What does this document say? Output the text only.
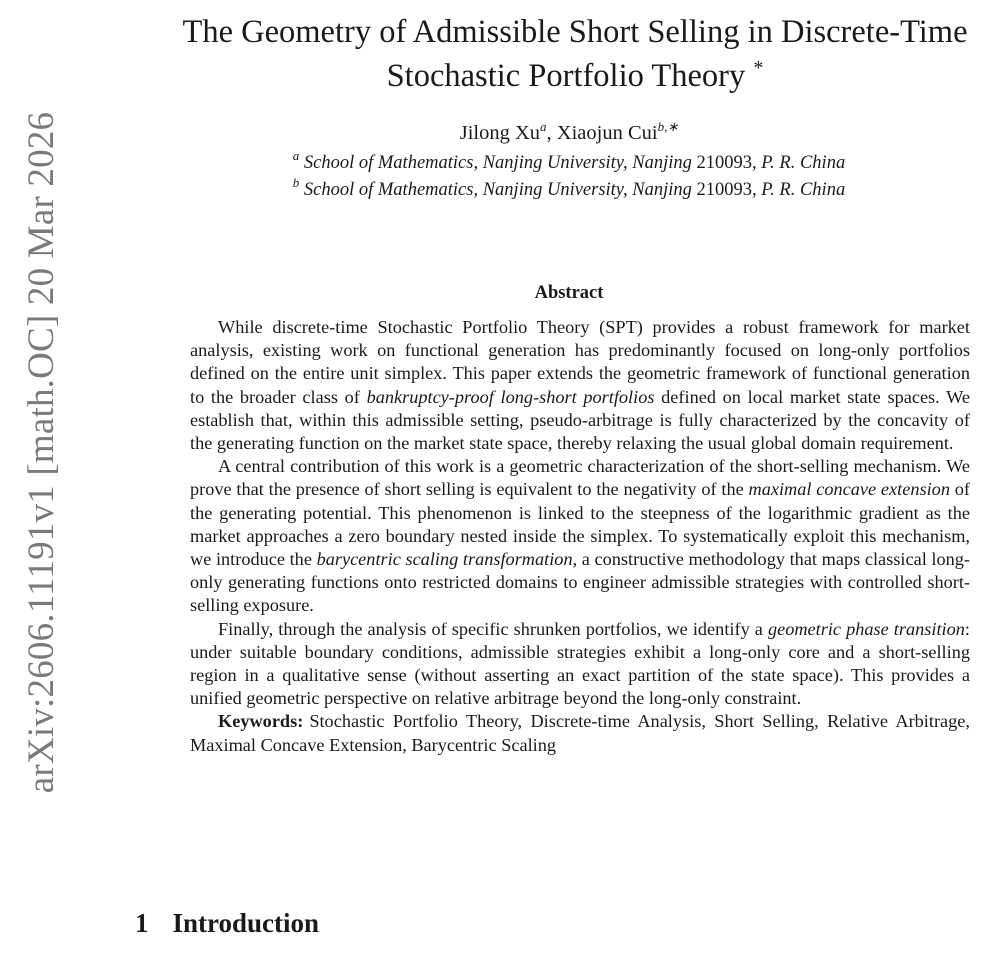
arXiv:2606.11191v1 [math.OC] 20 Mar 2026
The Geometry of Admissible Short Selling in Discrete-Time
Stochastic Portfolio Theory *
Jilong Xu$^a$, Xiaojun Cui$^{b,∗}$
$^a$ School of Mathematics, Nanjing University, Nanjing 210093, P. R. China
$^b$ School of Mathematics, Nanjing University, Nanjing 210093, P. R. China
Abstract

While discrete-time Stochastic Portfolio Theory (SPT) provides a robust framework for market analysis, existing work on functional generation has predominantly focused on long-only portfolios defined on the entire unit simplex. This paper extends the geometric framework of functional generation to the broader class of bankruptcy-proof long-short portfolios defined on local market state spaces. We establish that, within this admissible setting, pseudo-arbitrage is fully characterized by the concavity of the generating function on the market state space, thereby relaxing the usual global domain requirement.

A central contribution of this work is a geometric characterization of the short-selling mechanism. We prove that the presence of short selling is equivalent to the negativity of the maximal concave extension of the generating potential. This phenomenon is linked to the steepness of the logarithmic gradient as the market approaches a zero boundary nested inside the simplex. To systematically exploit this mechanism, we introduce the barycentric scaling transformation, a constructive methodology that maps classical long-only generating functions onto restricted domains to engineer admissible strategies with controlled short-selling exposure.

Finally, through the analysis of specific shrunken portfolios, we identify a geometric phase transition: under suitable boundary conditions, admissible strategies exhibit a long-only core and a short-selling region in a qualitative sense (without asserting an exact partition of the state space). This provides a unified geometric perspective on relative arbitrage beyond the long-only constraint.

Keywords: Stochastic Portfolio Theory, Discrete-time Analysis, Short Selling, Relative Arbitrage, Maximal Concave Extension, Barycentric Scaling

1 Introduction
